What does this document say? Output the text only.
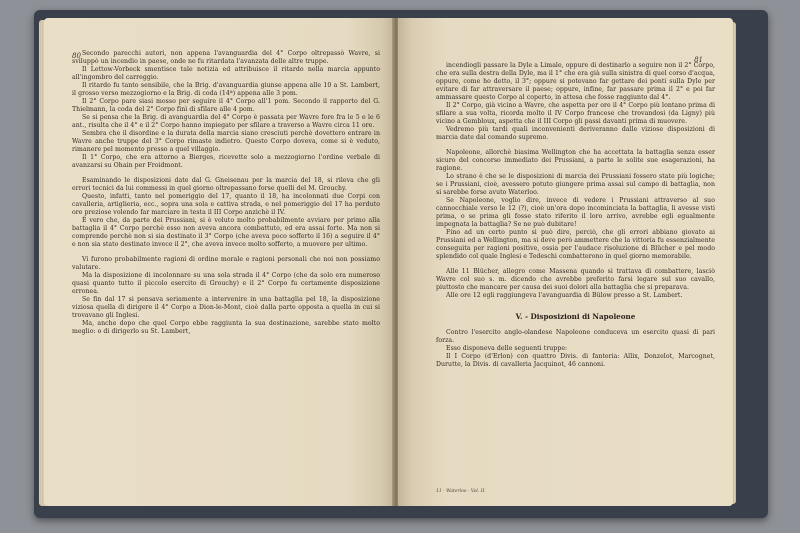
80 Secondo parecchi autori, non appena l'avanguardia del 4° Corpo oltrepassò Wavre, si sviluppò un incendio in paese, onde ne fu ritardata l'avanzata delle altre truppe.

Il Lettow-Vorbeck smentisce tale notizia ed attribuisce il ritardo nella marcia appunto all'ingombro del carreggio.

Il ritardo fu tanto sensibile, che la Brig. d'avanguardia giunse appena alle 10 a St. Lambert, il grosso verso mezzogiorno e la Brig. di coda (14ª) appena alle 3 pom.

Il 2° Corpo pare siasi mosso per seguire il 4° Corpo all'1 pom. Secondo il rapporto del G. Thielmann, la coda del 2° Corpo finì di sfilare alle 4 pom.

Se si pensa che la Brig. di avanguardia del 4° Corpo è passata per Wavre fore fra le 5 e le 6 ant., risulta che il 4° e il 2° Corpo hanno impiegato per sfilare a traverso a Wavre circa 11 ore.

Sembra che il disordine e la durata della marcia siano cresciuti perchè dovettero entrare in Wavre anche truppe del 3° Corpo rimaste indietro. Questo Corpo doveva, come si è veduto, rimanere pel momento presso a quel villaggio.

Il 1° Corpo, che era attorno a Bierges, ricevette solo a mezzogiorno l'ordine verbale di avanzarsi su Ohain per Froidmont.

Esaminando le disposizioni date dal G. Gneisenau per la marcia del 18, si rileva che gli errori tecnici da lui commessi in quel giorno oltrepassano forse quelli del M. Grouchy.

Questo, infatti, tanto nel pomeriggio del 17, quanto il 18, ha incolonnati due Corpi con cavalleria, artiglieria, ecc., sopra una sola e cattiva strada, e nel pomeriggio del 17 ha perduto ore preziose volendo far marciare in testa il III Corpo anzichè il IV.

È vero che, da parte dei Prussiani, si è voluto molto probabilmente avviare per primo alla battaglia il 4° Corpo perchè esso non aveva ancora combattuto, ed era assai forte. Ma non si comprende perchè non si sia destinato il 3° Corpo (che aveva poco sofferto il 16) a seguire il 4° e non sia stato destinato invece il 2°, che aveva invece molto sofferto, a muovere per ultimo.

Vi furono probabilmente ragioni di ordine morale e ragioni personali che noi non possiamo valutare.

Ma la disposizione di incolonnare su una sola strada il 4° Corpo (che da solo era numeroso quasi quanto tutto il piccolo esercito di Grouchy) e il 2° Corpo fu certamente disposizione erronea.

Se fin dal 17 si pensava seriamente a intervenire in una battaglia pel 18, la disposizione viziosa quella di dirigere il 4° Corpo a Dion-le-Mont, cioè dalla parte opposta a quella in cui si trovavano gli Inglesi.

Ma, anche dopo che quel Corpo ebbe raggiunta la sua destinazione, sarebbe stato molto meglio: o di dirigerlo su St. Lambert,

81

incendiogli passare la Dyle a Limale, oppure di destinarlo a seguire non il 2° Corpo, che era sulla destra della Dyle, ma il 1° che era già sulla sinistra di quel corso d'acqua, oppure, come ho detto, il 3°; oppure si potevano far gettare dei ponti sulla Dyle per evitare di far attraversare il paese; oppure, infine, far passare prima il 2° e poi far ammassare questo Corpo al coperto, in attesa che fosse raggiunto dal 4°.

Il 2° Corpo, già vicino a Wavre, che aspetta per ore il 4° Corpo più lontano prima di sfilare a sua volta, ricorda molto il IV Corpo francese che trovandosi (da Ligny) più vicino a Gembloux, aspetta che il III Corpo gli passi davanti prima di muovere.

Vedremo più tardi quali inconvenienti deriveranno dalle viziose disposizioni di marcia date dal comando supremo.

Napoleone, allorchè biasima Wellington che ha accettata la battaglia senza esser sicuro del concorso immediato dei Prussiani, a parte le solite sue esagerazioni, ha ragione.

Lo strano è che se le disposizioni di marcia dei Prussiani fossero state più logiche; se i Prussiani, cioè, avessero potuto giungere prima assai sul campo di battaglia, non si sarebbe forse avuto Waterloo.

Se Napoleone, voglio dire, invece di vedere i Prussiani attraverso al suo cannocchiale verso le 12 (?), cioè un'ora dopo incominciata la battaglia, li avesse visti prima, o se prima gli fosse stato riferito il loro arrivo, avrebbe egli egualmente impegnata la battaglia? Se ne può dubitare!

Fino ad un certo punto si può dire, perciò, che gli errori abbiano giovato ai Prussiani ed a Wellington, ma si deve però ammettere che la vittoria fu essenzialmente conseguita per ragioni positive, ossia per l'audace risoluzione di Blücher e pel modo splendido col quale Inglesi e Tedeschi combatterono in quel giorno memorabile.

Alle 11 Blücher, allegro come Massena quando si trattava di combattere, lasciò Wavre col suo s. m. dicendo che avrebbe preferito farsi legare sul suo cavallo, piuttosto che mancare per causa dei suoi dolori alla battaglia che si preparava.

Alle ore 12 egli raggiungeva l'avanguardia di Bülow presso a St. Lambert.

V. - Disposizioni di Napoleone

Contro l'esercito anglo-olandese Napoleone conduceva un esercito quasi di pari forza.

Esso disponeva delle seguenti truppe:

Il I Corpo (d'Erlon) con quattro Divis. di fanteria: Allix, Donzelot, Marcognet, Durutte, la Divis. di cavalleria Jacquinot, 46 cannoni.

11 - Waterloo - Vol. II.
